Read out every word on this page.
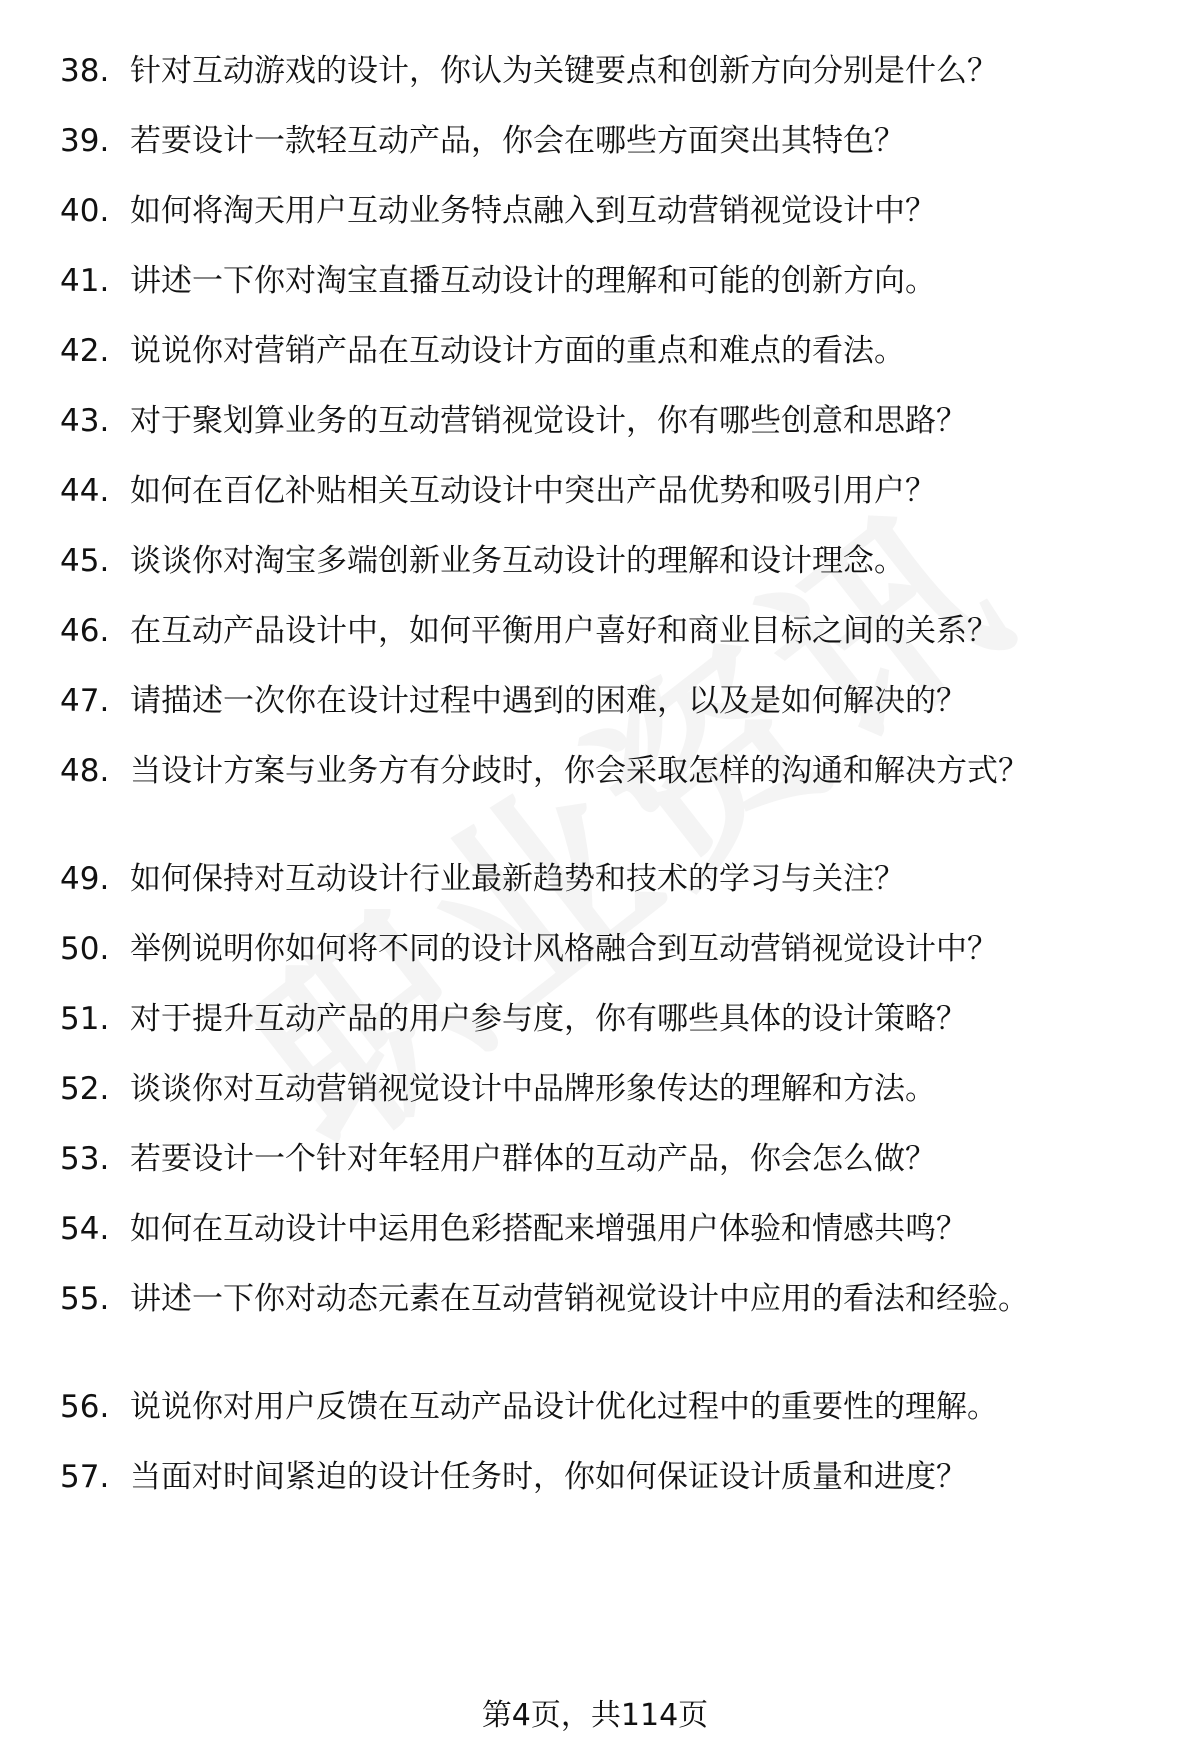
38. 针对互动游戏的设计，你认为关键要点和创新方向分别是什么？
39. 若要设计一款轻互动产品，你会在哪些方面突出其特色？
40. 如何将淘天用户互动业务特点融入到互动营销视觉设计中？
41. 讲述一下你对淘宝直播互动设计的理解和可能的创新方向。
42. 说说你对营销产品在互动设计方面的重点和难点的看法。
43. 对于聚划算业务的互动营销视觉设计，你有哪些创意和思路？
44. 如何在百亿补贴相关互动设计中突出产品优势和吸引用户？
45. 谈谈你对淘宝多端创新业务互动设计的理解和设计理念。
46. 在互动产品设计中，如何平衡用户喜好和商业目标之间的关系？
47. 请描述一次你在设计过程中遇到的困难，以及是如何解决的？
48. 当设计方案与业务方有分歧时，你会采取怎样的沟通和解决方式？
49. 如何保持对互动设计行业最新趋势和技术的学习与关注？
50. 举例说明你如何将不同的设计风格融合到互动营销视觉设计中？
51. 对于提升互动产品的用户参与度，你有哪些具体的设计策略？
52. 谈谈你对互动营销视觉设计中品牌形象传达的理解和方法。
53. 若要设计一个针对年轻用户群体的互动产品，你会怎么做？
54. 如何在互动设计中运用色彩搭配来增强用户体验和情感共鸣？
55. 讲述一下你对动态元素在互动营销视觉设计中应用的看法和经验。
56. 说说你对用户反馈在互动产品设计优化过程中的重要性的理解。
57. 当面对时间紧迫的设计任务时，你如何保证设计质量和进度？
第4页，共114页
